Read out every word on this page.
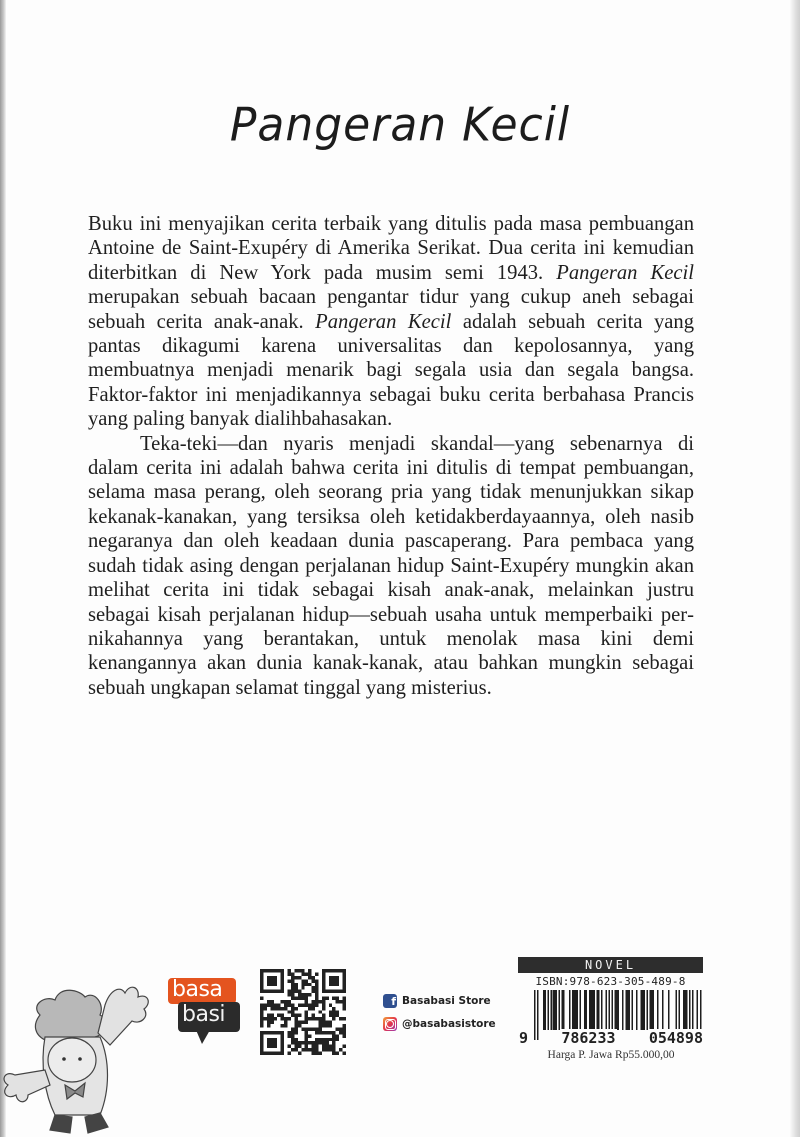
Pangeran Kecil

Buku ini menyajikan cerita terbaik yang ditulis pada masa pembuangan Antoine de Saint-Exupéry di Amerika Serikat. Dua cerita ini kemudian diterbitkan di New York pada musim semi 1943. Pangeran Kecil merupakan sebuah bacaan pengantar tidur yang cukup aneh sebagai sebuah cerita anak-anak. Pangeran Kecil adalah sebuah cerita yang pantas dikagumi karena universalitas dan kepolosannya, yang membuatnya menjadi menarik bagi segala usia dan segala bangsa. Faktor-faktor ini menjadikannya sebagai buku cerita berbahasa Prancis yang paling banyak dialihbahasakan.

Teka-teki—dan nyaris menjadi skandal—yang sebenarnya di dalam cerita ini adalah bahwa cerita ini ditulis di tempat pembuangan, selama masa perang, oleh seorang pria yang tidak menunjukkan sikap kekanak-kanakan, yang tersiksa oleh ketidakberdayaannya, oleh nasib negaranya dan oleh keadaan dunia pascaperang. Para pembaca yang sudah tidak asing dengan perjalanan hidup Saint-Exupéry mungkin akan melihat cerita ini tidak sebagai kisah anak-anak, melainkan justru sebagai kisah perjalanan hidup—sebuah usaha untuk memperbaiki pernikahannya yang berantakan, untuk menolak masa kini demi kenangannya akan dunia kanak-kanak, atau bahkan mungkin sebagai sebuah ungkapan selamat tinggal yang misterius.

basa
basi
f Basabasi Store
@basabasistore
NOVEL
ISBN:978-623-305-489-8
9 786233 054898
Harga P. Jawa Rp55.000,00
